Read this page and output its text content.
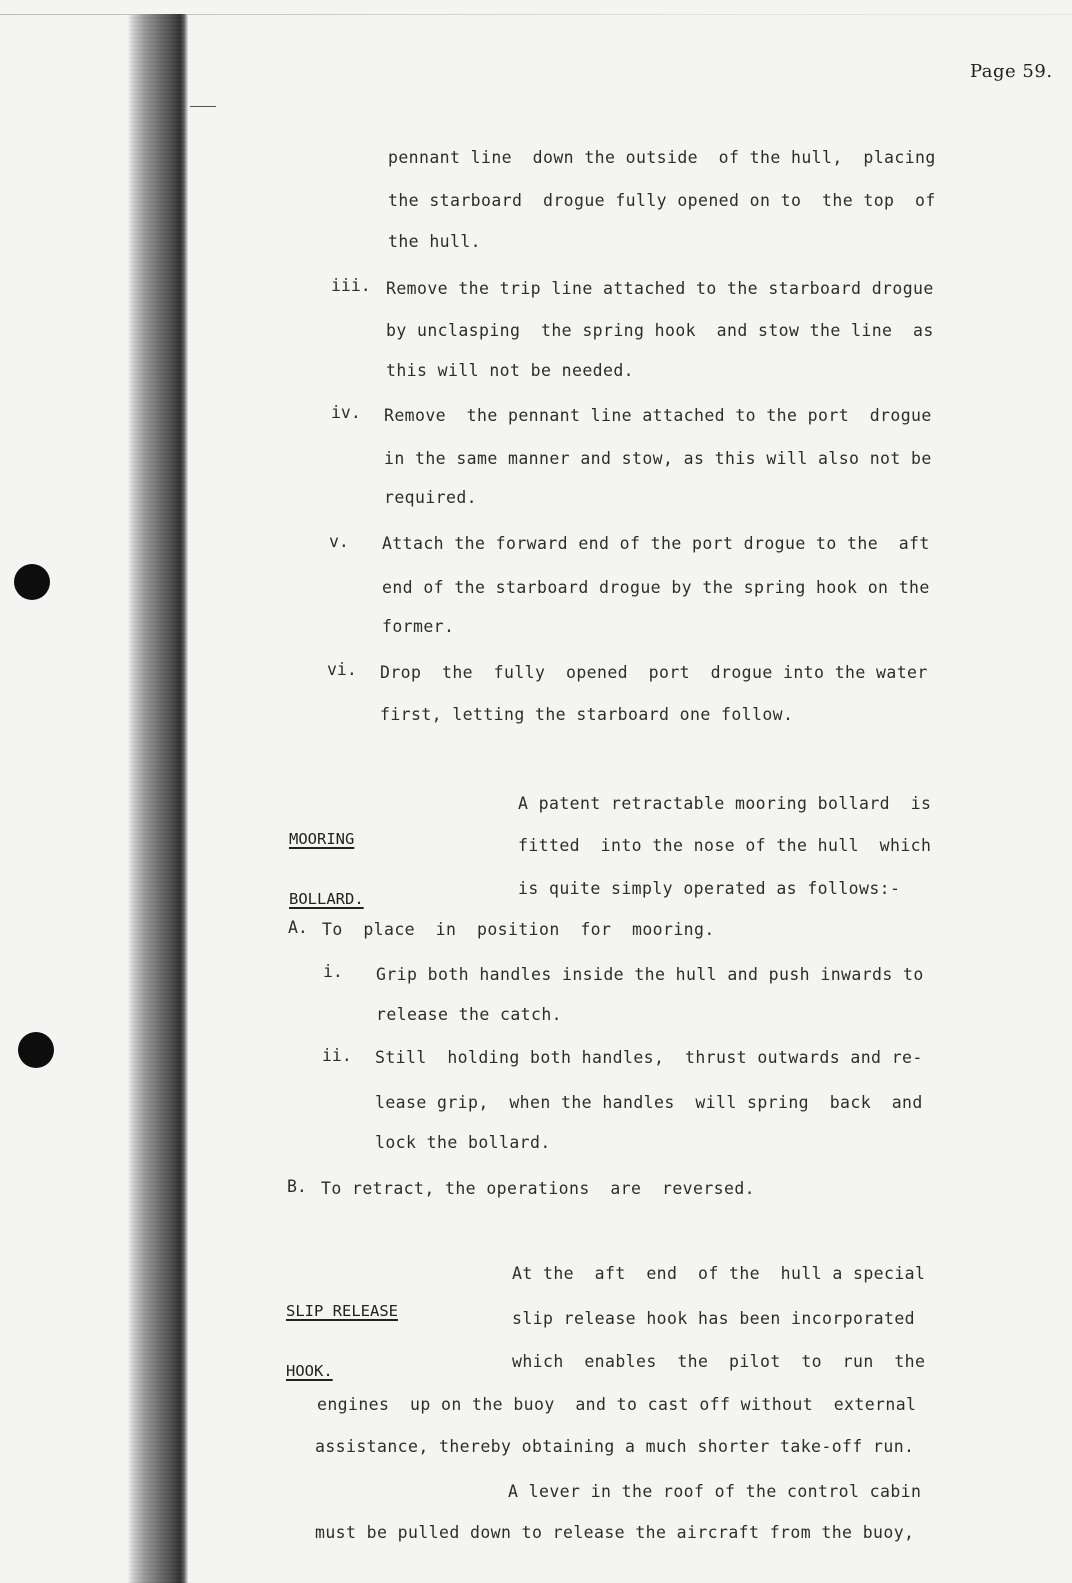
Page 59.
pennant line  down the outside  of the hull,  placing
the starboard  drogue fully opened on to  the top  of
the hull.
iii. Remove the trip line attached to the starboard drogue
by unclasping  the spring hook  and stow the line  as
this will not be needed.
iv. Remove  the pennant line attached to the port  drogue
in the same manner and stow, as this will also not be
required.
v. Attach the forward end of the port drogue to the  aft
end of the starboard drogue by the spring hook on the
former.
vi. Drop  the  fully  opened  port  drogue into the water
first, letting the starboard one follow.

MOORING

BOLLARD.

A patent retractable mooring bollard  is
fitted  into the nose of the hull  which
is quite simply operated as follows:-
A. To  place  in  position  for  mooring.
i. Grip both handles inside the hull and push inwards to
release the catch.
ii. Still  holding both handles,  thrust outwards and re-
lease grip,  when the handles  will spring  back  and
lock the bollard.
B. To retract, the operations  are  reversed.

SLIP RELEASE

HOOK.

At the  aft  end  of the  hull a special
slip release hook has been incorporated
which  enables  the  pilot  to  run  the
engines  up on the buoy  and to cast off without  external
assistance, thereby obtaining a much shorter take-off run.
A lever in the roof of the control cabin
must be pulled down to release the aircraft from the buoy,
